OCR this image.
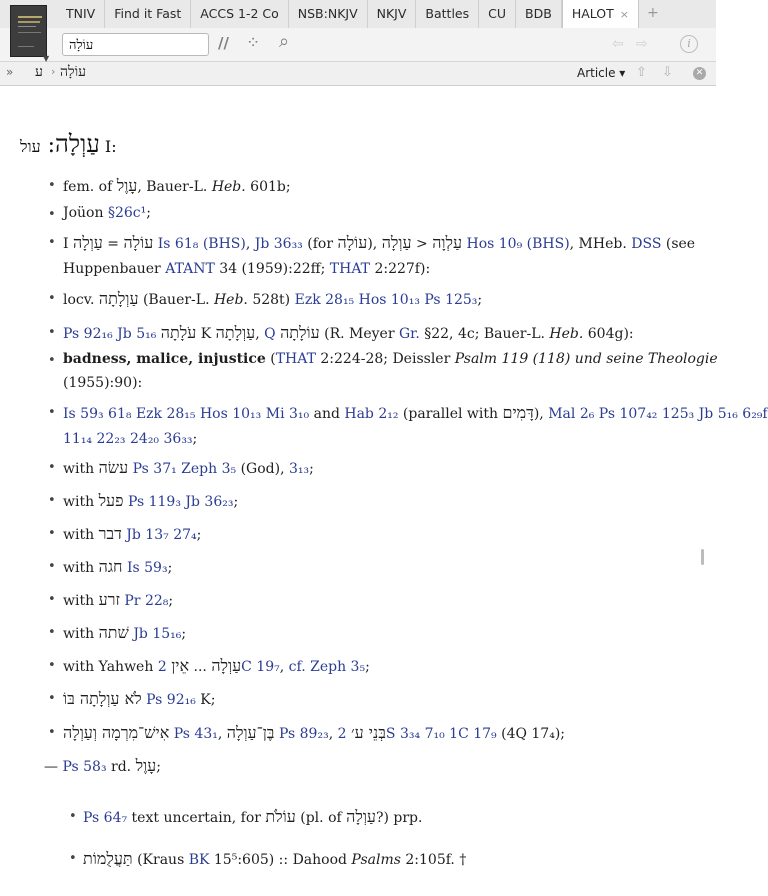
TNIV	Find it Fast	ACCS 1-2 Co	NSB:NKJV	NKJV	Battles	CU	BDB	HALOT ×	+
▼
עוֹלָה
// ⁘ ⌕	⇦ ⇨	i
» ע › עוֹלָה	Article ▾ ⇧ ⇩	✕
עַוְלָה: עול	I:
• fem. of עָוֶל, Bauer-L. Heb. 601b;
• Joüon §26c¹;
• I	עוֹלָה = עַוְלָה	Is 61₈ (BHS), Jb 36₃₃ (for עוֹלָה),	עַלְוָה < עַוְלָה	Hos 10₉ (BHS), MHeb. DSS (see
Huppenbauer ATANT 34 (1959):22ff; THAT 2:227f):
• locv. עַוְלָתָה (Bauer-L. Heb. 528t) Ezk 28₁₅ Hos 10₁₃ Ps 125₃;
• Ps 92₁₆ Jb 5₁₆ עֹלָתָה K עַוְלָתָה, Q עוֹלָתָה (R. Meyer Gr. §22, 4c; Bauer-L. Heb. 604g):
• badness, malice, injustice (THAT 2:224-28; Deissler Psalm 119 (118) und seine Theologie
(1955):90):
• Is 59₃ 61₈ Ezk 28₁₅ Hos 10₁₃ Mi 3₁₀ and Hab 2₁₂ (parallel with דָּמִים), Mal 2₆ Ps 107₄₂ 125₃ Jb 5₁₆ 6₂₉f
11₁₄ 22₂₃ 24₂₀ 36₃₃;
• with עשׂה Ps 37₁ Zeph 3₅ (God), 3₁₃;
• with פעל Ps 119₃ Jb 36₂₃;
• with דבר Jb 13₇ 27₄;
• with חגה Is 59₃;
• with זרע Pr 22₈;
• with שׁתה Jb 15₁₆;
• with Yahweh	עַוְלָה ... אֵין 2C 19₇, cf. Zeph 3₅;
• לֹא עַוְלָתָה בּוֹ Ps 92₁₆ K;
• אִישׁ־מִרְמָה וְעַוְלָה Ps 43₁, בֶּן־עַוְלָה Ps 89₂₃, בְּנֵי ע׳ 2S 3₃₄ 7₁₀ 1C 17₉ (4Q 17₄);
— Ps 58₃ rd. עָוֶל;
• Ps 64₇ text uncertain, for עוֹלֹת (pl. of עַוְלָה?) prp.
• תַּעֲלֻמוֹת (Kraus BK 15⁵:605) :: Dahood Psalms 2:105f. †
